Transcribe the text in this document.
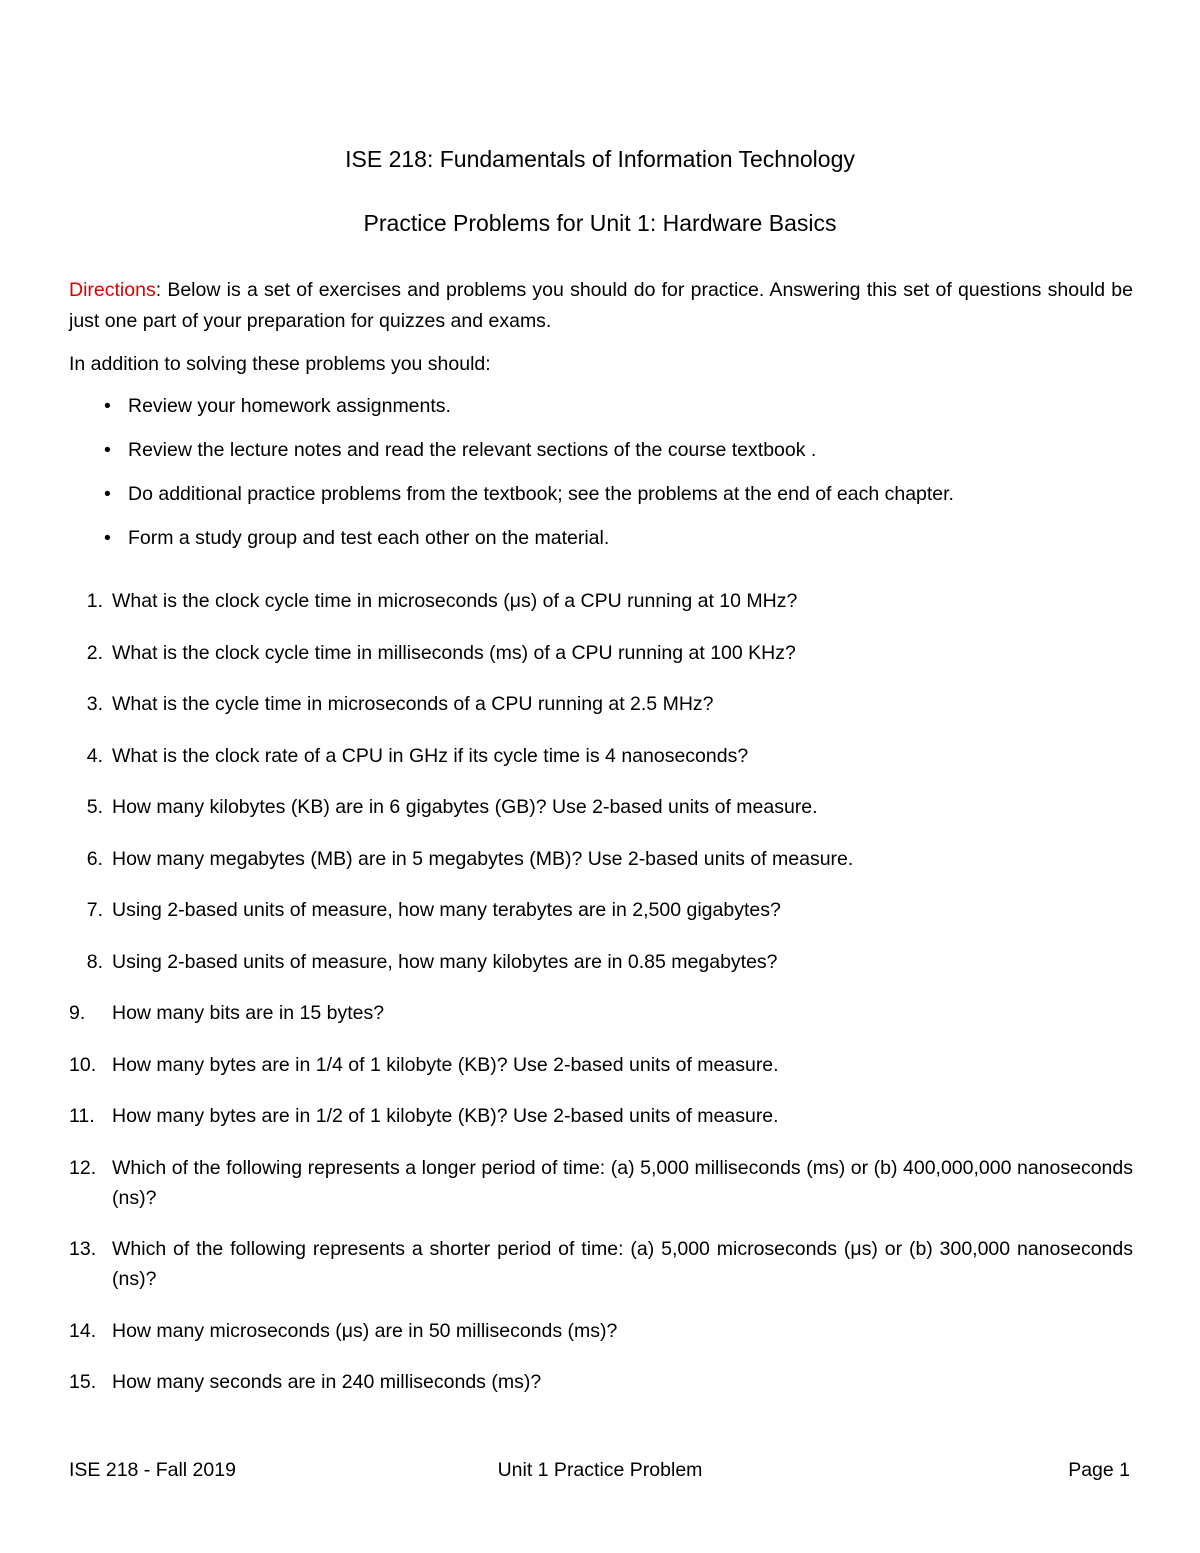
ISE 218: Fundamentals of Information Technology
Practice Problems for Unit 1: Hardware Basics
Directions: Below is a set of exercises and problems you should do for practice. Answering this set of questions should be just one part of your preparation for quizzes and exams.
In addition to solving these problems you should:
• Review your homework assignments.
• Review the lecture notes and read the relevant sections of the course textbook .
• Do additional practice problems from the textbook; see the problems at the end of each chapter.
• Form a study group and test each other on the material.
1. What is the clock cycle time in microseconds (μs) of a CPU running at 10 MHz?
2. What is the clock cycle time in milliseconds (ms) of a CPU running at 100 KHz?
3. What is the cycle time in microseconds of a CPU running at 2.5 MHz?
4. What is the clock rate of a CPU in GHz if its cycle time is 4 nanoseconds?
5. How many kilobytes (KB) are in 6 gigabytes (GB)? Use 2-based units of measure.
6. How many megabytes (MB) are in 5 megabytes (MB)? Use 2-based units of measure.
7. Using 2-based units of measure, how many terabytes are in 2,500 gigabytes?
8. Using 2-based units of measure, how many kilobytes are in 0.85 megabytes?
9.	How many bits are in 15 bytes?
10. How many bytes are in 1/4 of 1 kilobyte (KB)? Use 2-based units of measure.
11. How many bytes are in 1/2 of 1 kilobyte (KB)? Use 2-based units of measure.
12. Which of the following represents a longer period of time: (a) 5,000 milliseconds (ms) or (b) 400,000,000 nanoseconds (ns)?
13. Which of the following represents a shorter period of time: (a) 5,000 microseconds (μs) or (b) 300,000 nanoseconds (ns)?
14. How many microseconds (μs) are in 50 milliseconds (ms)?
15. How many seconds are in 240 milliseconds (ms)?
ISE 218 - Fall 2019	Unit 1 Practice Problem	Page 1
